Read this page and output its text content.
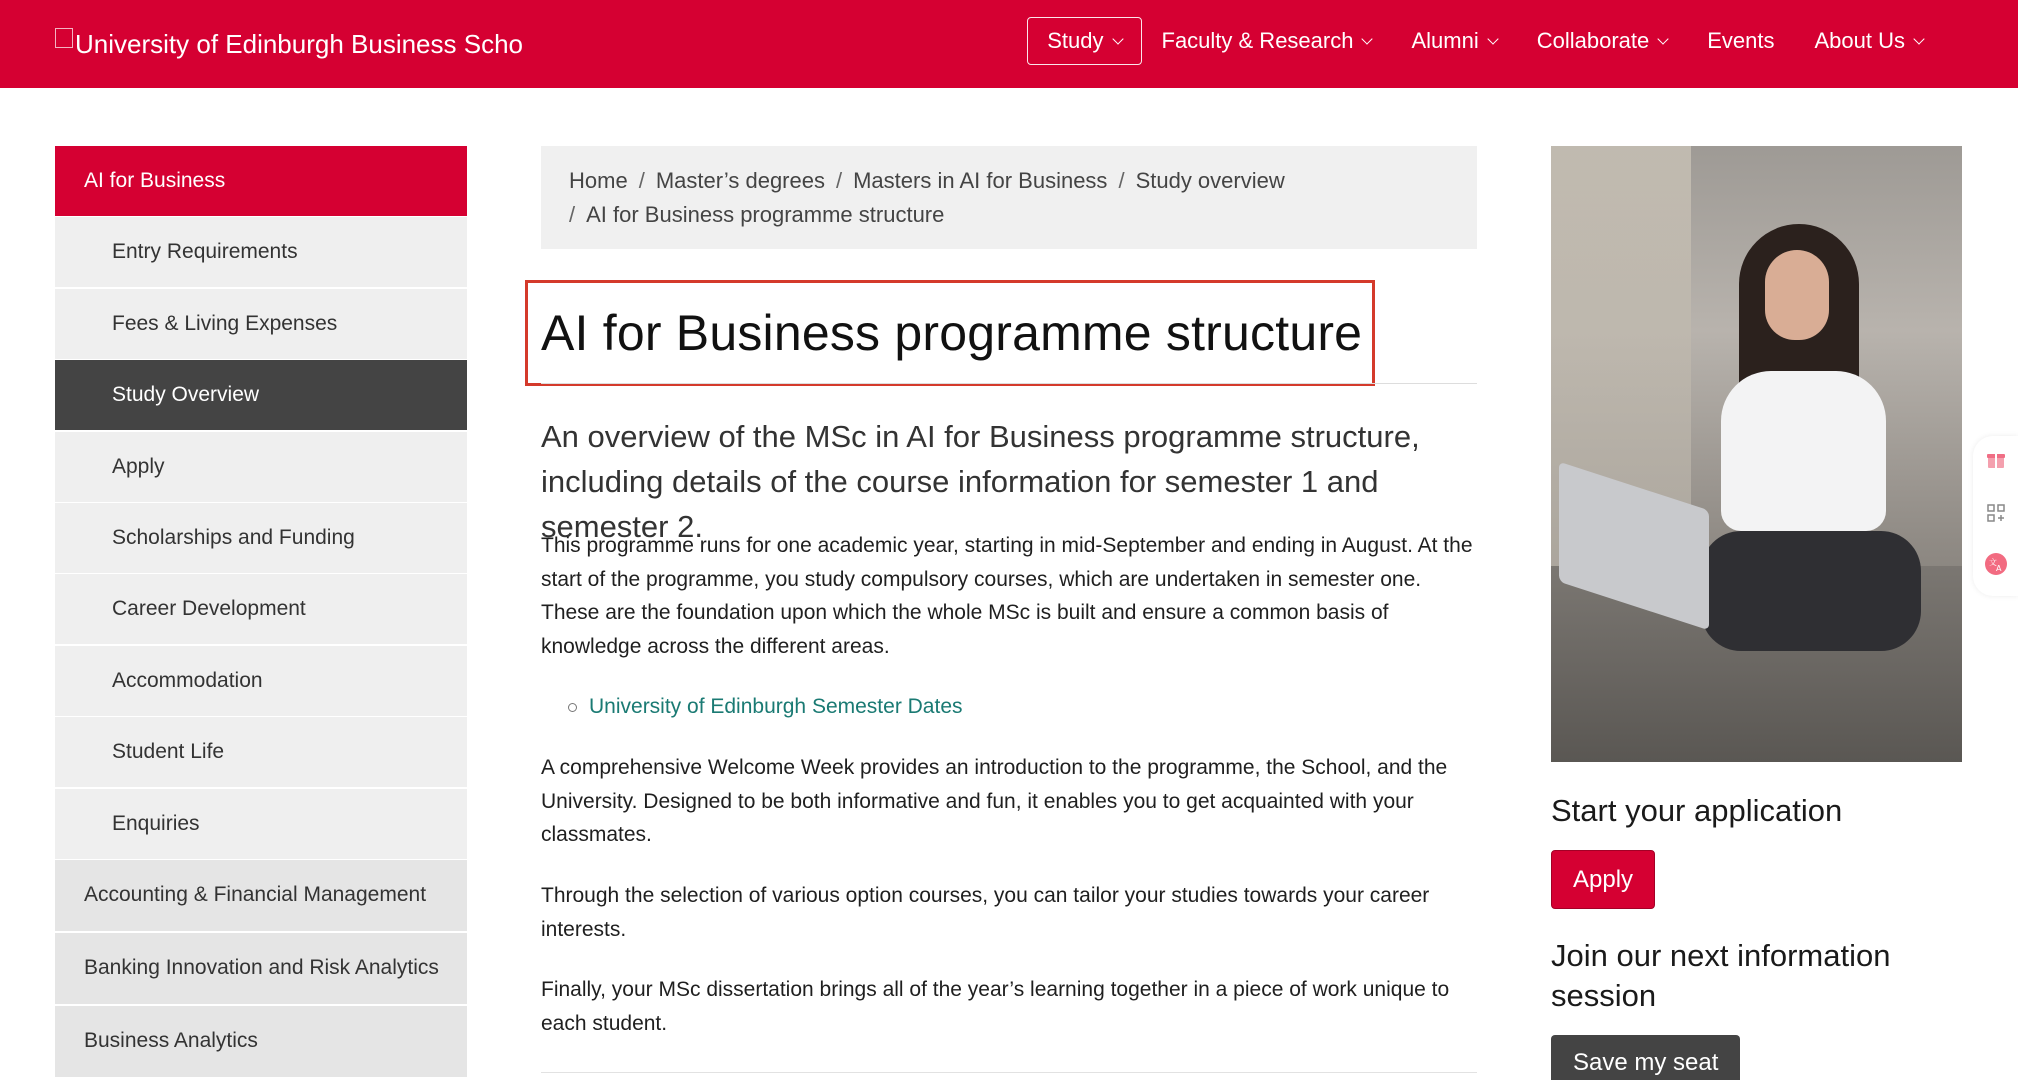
University of Edinburgh Business Scho	Study	Faculty & Research	Alumni	Collaborate	Events About Us
AI for Business
Entry Requirements
Fees & Living Expenses
Study Overview
Apply
Scholarships and Funding
Career Development
Accommodation
Student Life
Enquiries
Accounting & Financial Management
Banking Innovation and Risk Analytics
Business Analytics
Home / Master’s degrees / Masters in AI for Business / Study overview
/ AI for Business programme structure
AI for Business programme structure

An overview of the MSc in AI for Business programme structure, including details of the course information for semester 1 and semester 2.

This programme runs for one academic year, starting in mid-September and ending in August. At the start of the programme, you study compulsory courses, which are undertaken in semester one. These are the foundation upon which the whole MSc is built and ensure a common basis of knowledge across the different areas.

University of Edinburgh Semester Dates

A comprehensive Welcome Week provides an introduction to the programme, the School, and the University. Designed to be both informative and fun, it enables you to get acquainted with your classmates.

Through the selection of various option courses, you can tailor your studies towards your career interests.

Finally, your MSc dissertation brings all of the year’s learning together in a piece of work unique to each student.

Start your application
Apply
Join our next information session
Save my seat
文
A
